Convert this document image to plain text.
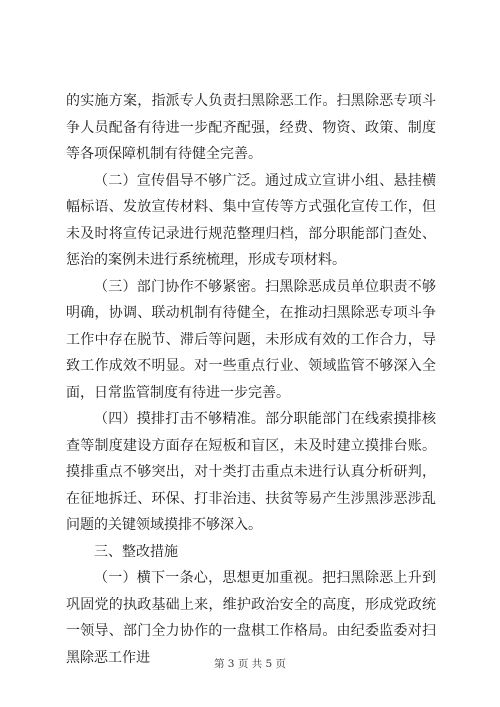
的实施方案，指派专人负责扫黑除恶工作。扫黑除恶专项斗争人员配备有待进一步配齐配强，经费、物资、政策、制度等各项保障机制有待健全完善。

（二）宣传倡导不够广泛。通过成立宣讲小组、悬挂横幅标语、发放宣传材料、集中宣传等方式强化宣传工作，但未及时将宣传记录进行规范整理归档，部分职能部门查处、惩治的案例未进行系统梳理，形成专项材料。

（三）部门协作不够紧密。扫黑除恶成员单位职责不够明确，协调、联动机制有待健全，在推动扫黑除恶专项斗争工作中存在脱节、滞后等问题，未形成有效的工作合力，导致工作成效不明显。对一些重点行业、领域监管不够深入全面，日常监管制度有待进一步完善。

（四）摸排打击不够精准。部分职能部门在线索摸排核查等制度建设方面存在短板和盲区，未及时建立摸排台账。摸排重点不够突出，对十类打击重点未进行认真分析研判，在征地拆迁、环保、打非治违、扶贫等易产生涉黑涉恶涉乱问题的关键领域摸排不够深入。

三、整改措施

（一）横下一条心，思想更加重视。把扫黑除恶上升到巩固党的执政基础上来，维护政治安全的高度，形成党政统一领导、部门全力协作的一盘棋工作格局。由纪委监委对扫黑除恶工作进	第 3 页 共 5 页
